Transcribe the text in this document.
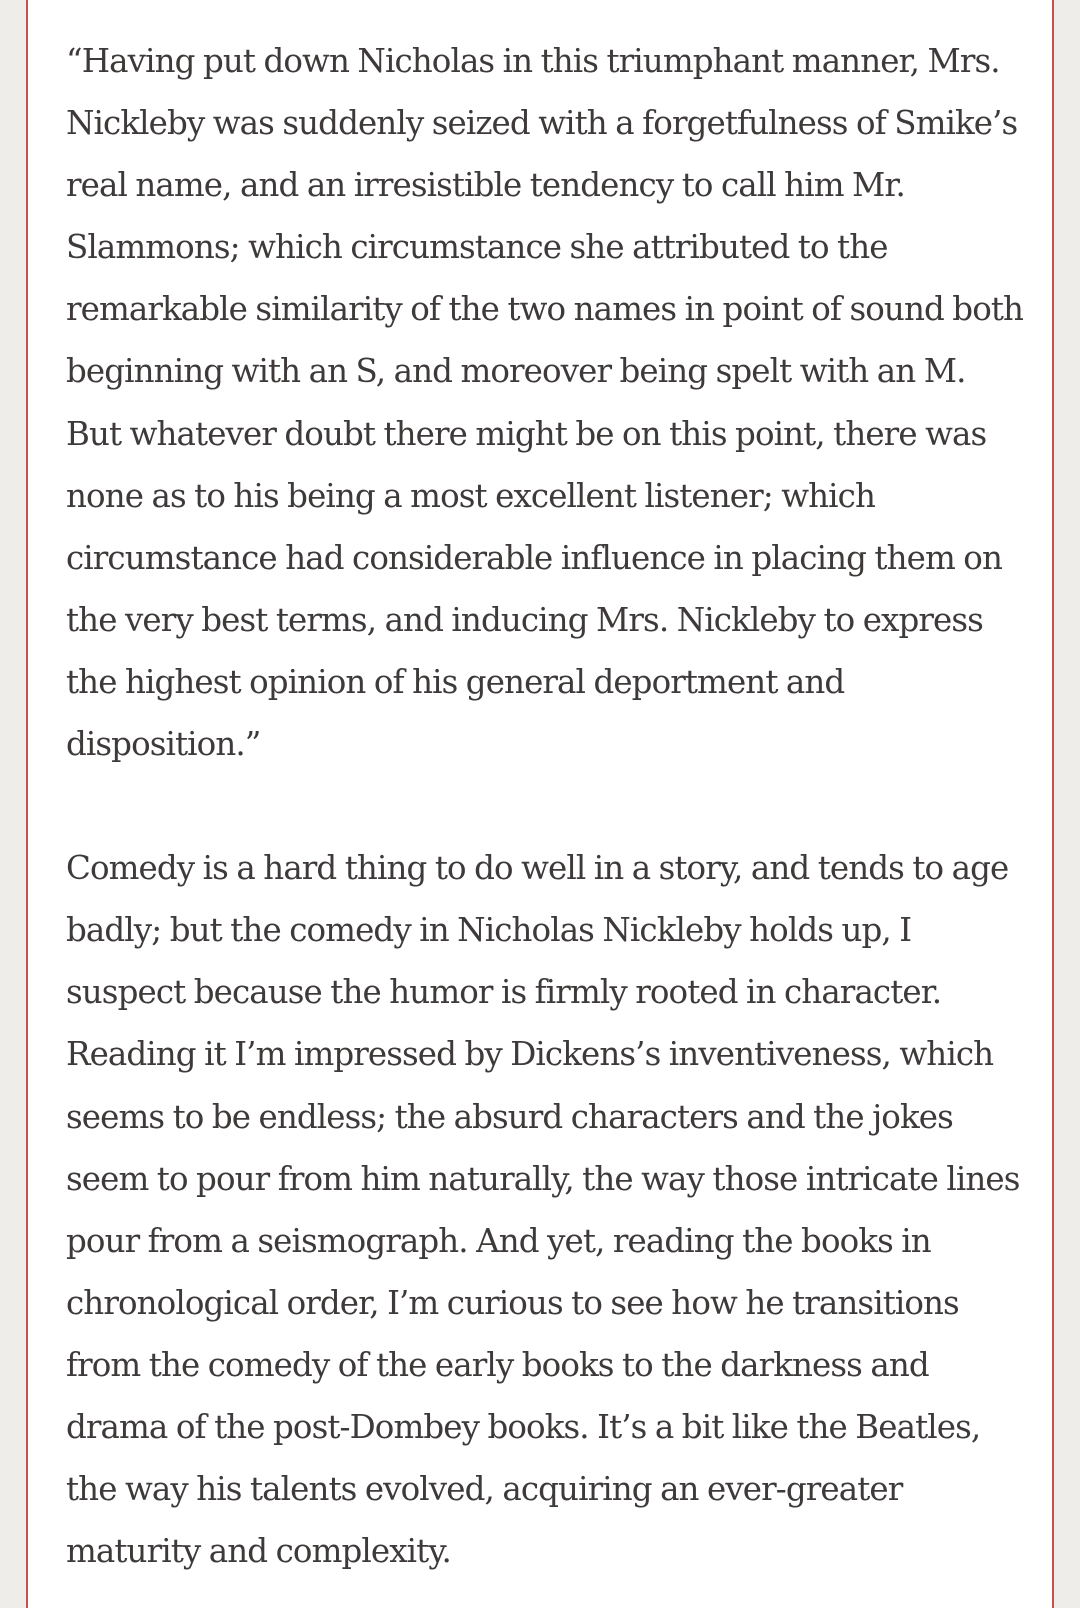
“Having put down Nicholas in this triumphant manner, Mrs. Nickleby was suddenly seized with a forgetfulness of Smike’s real name, and an irresistible tendency to call him Mr. Slammons; which circumstance she attributed to the remarkable similarity of the two names in point of sound both beginning with an S, and moreover being spelt with an M. But whatever doubt there might be on this point, there was none as to his being a most excellent listener; which circumstance had considerable influence in placing them on the very best terms, and inducing Mrs. Nickleby to express the highest opinion of his general deportment and disposition.”

Comedy is a hard thing to do well in a story, and tends to age badly; but the comedy in Nicholas Nickleby holds up, I suspect because the humor is firmly rooted in character. Reading it I’m impressed by Dickens’s inventiveness, which seems to be endless; the absurd characters and the jokes seem to pour from him naturally, the way those intricate lines pour from a seismograph. And yet, reading the books in chronological order, I’m curious to see how he transitions from the comedy of the early books to the darkness and drama of the post-Dombey books. It’s a bit like the Beatles, the way his talents evolved, acquiring an ever-greater maturity and complexity.
